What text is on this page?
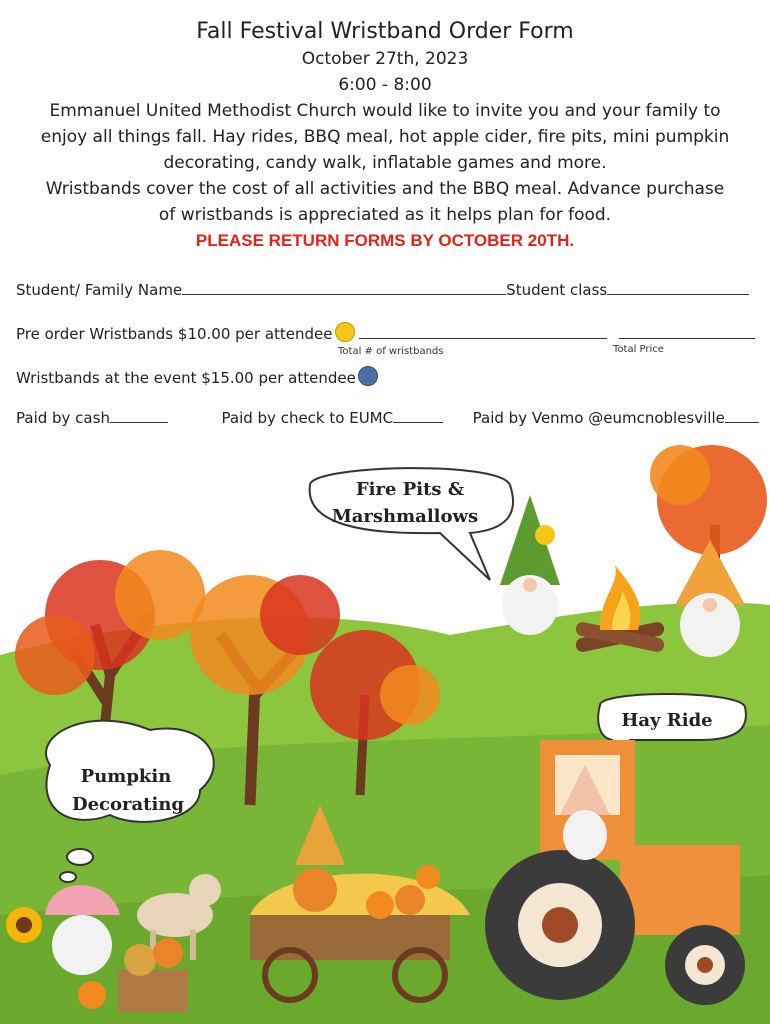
Fall Festival Wristband Order Form
October 27th, 2023
6:00 - 8:00
Emmanuel United Methodist Church would like to invite you and your family to
enjoy all things fall. Hay rides, BBQ meal, hot apple cider, fire pits, mini pumpkin
decorating, candy walk, inflatable games and more.
Wristbands cover the cost of all activities and the BBQ meal. Advance purchase
of wristbands is appreciated as it helps plan for food.
PLEASE RETURN FORMS BY OCTOBER 20TH.
Student/ Family Name	Student class
Pre order Wristbands $10.00 per attendee
Total # of wristbands	Total Price
Wristbands at the event $15.00 per attendee
Paid by cash	Paid by check to EUMC	Paid by Venmo @eumcnoblesville
Fire Pits &
Marshmallows
Pumpkin
Decorating
Hay Ride
